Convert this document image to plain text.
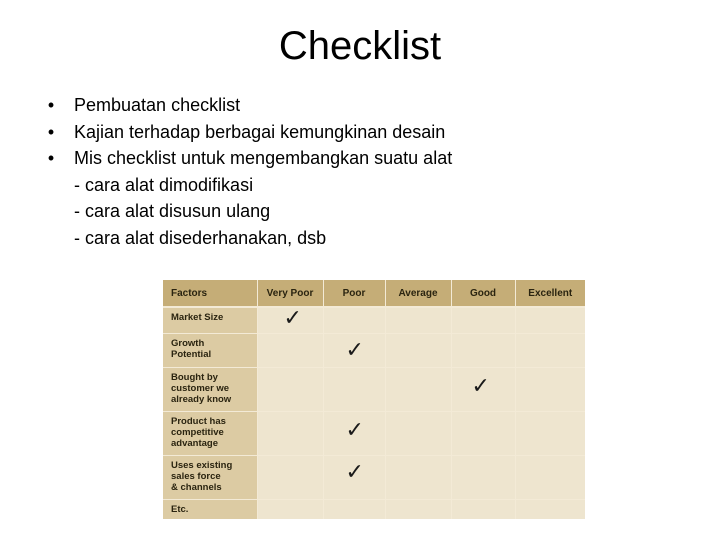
Checklist
• Pembuatan checklist
• Kajian terhadap berbagai kemungkinan desain
• Mis checklist untuk mengembangkan suatu alat
- cara alat dimodifikasi
- cara alat disusun ulang
- cara alat disederhanakan, dsb
Factors	Very Poor	Poor	Average	Good	Excellent
Market Size	✓				

Growth
Potential		✓			

Bought by
customer we
already know				✓	

Product has
competitive
advantage		✓			

Uses existing
sales force
& channels		✓			

Etc.					
